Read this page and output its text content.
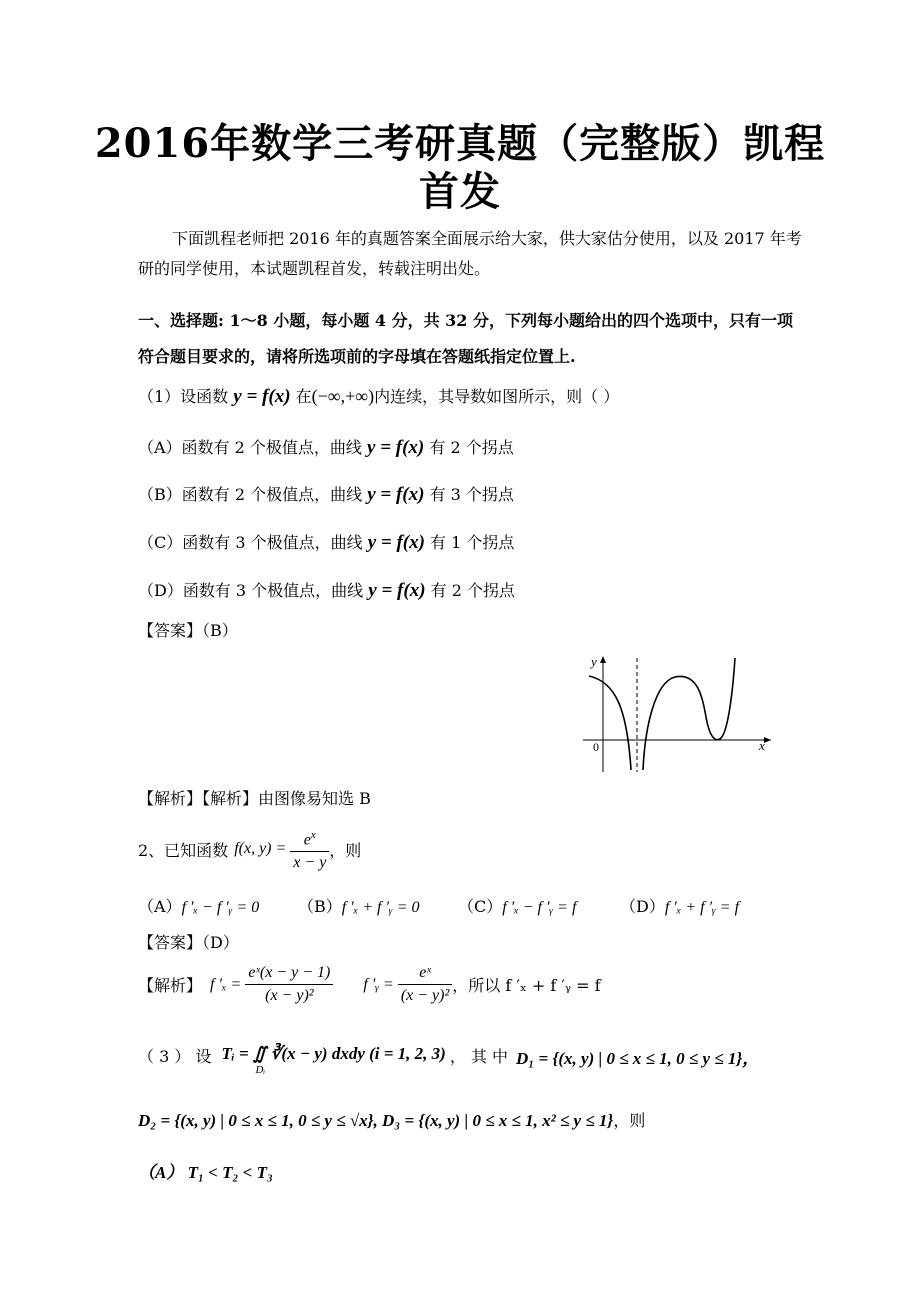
2016年数学三考研真题（完整版）凯程
首发
下面凯程老师把 2016 年的真题答案全面展示给大家，供大家估分使用，以及 2017 年考
研的同学使用，本试题凯程首发，转载注明出处。
一、选择题: 1～8 小题，每小题 4 分，共 32 分，下列每小题给出的四个选项中，只有一项
符合题目要求的，请将所选项前的字母填在答题纸指定位置上.
（1）设函数 y = f(x) 在(−∞,+∞)内连续，其导数如图所示，则（ ）
（A）函数有 2 个极值点，曲线 y = f(x) 有 2 个拐点
（B）函数有 2 个极值点，曲线 y = f(x) 有 3 个拐点
（C）函数有 3 个极值点，曲线 y = f(x) 有 1 个拐点
（D）函数有 3 个极值点，曲线 y = f(x) 有 2 个拐点
【答案】（B）
y
x
0
【解析】【解析】由图像易知选 B
2、已知函数 f(x, $y) = \frac{e^x}{x - y}$ ，则
（A）f ′ₓ − f ′ᵧ = 0 （B）f ′ₓ + f ′ᵧ = 0 （C）f ′ₓ − f ′ᵧ = f	（D）f ′ₓ + f ′ᵧ = f
【答案】（D）
【解析】 f $'_x = \frac{\text{eˣ(x − y − 1)}}{\text{(x − y)²}}$ f ′ᵧ = $\frac{\text{eˣ}}{\text{(x − y)²}}$ ，所以 f ′ₓ + f ′ᵧ = f
（ 3 ） 设 Tᵢ = ∬ ∛(x − y) dxdy (i = 1, 2, 3)
Dᵢ
， 其 中 D₁ = {(x, y) | 0 ≤ x ≤ 1, 0 ≤ y ≤ 1}，
D₂ = {(x, y) | 0 ≤ x ≤ 1, 0 ≤ y ≤ √x}, D₃ = {(x, y) | 0 ≤ x ≤ 1, x² ≤ y ≤ 1}，则
（A） T₁ < T₂ < T₃
